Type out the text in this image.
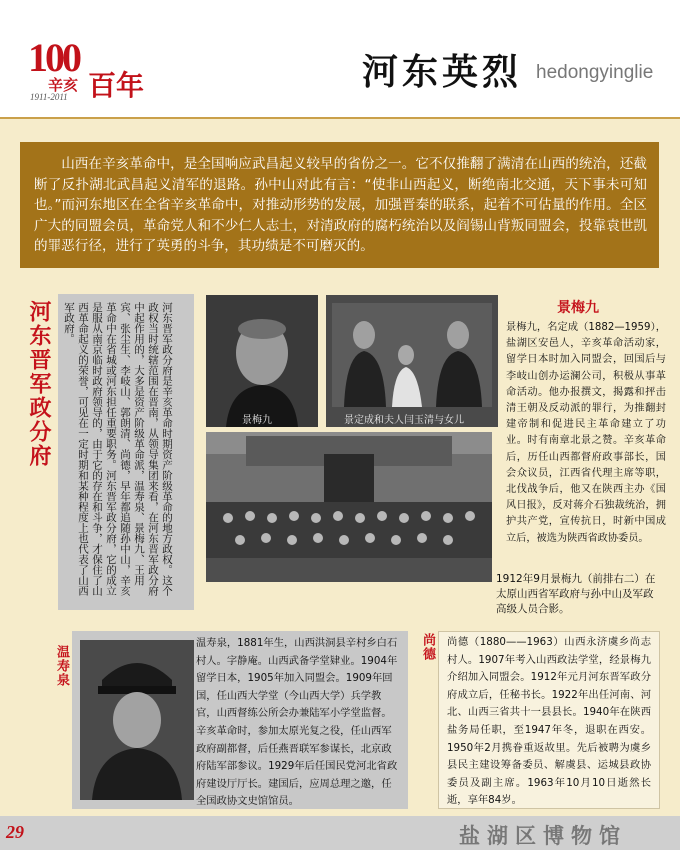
100
辛亥 百年
1911-2011
河东英烈 hedongyinglie
山西在辛亥革命中，是全国响应武昌起义较早的省份之一。它不仅推翻了满清在山西的统治，还截断了反扑湖北武昌起义清军的退路。孙中山对此有言：“使非山西起义，断绝南北交通，天下事未可知也。”而河东地区在全省辛亥革命中，对推动形势的发展，加强晋秦的联系，起着不可估量的作用。全区广大的同盟会员，革命党人和不少仁人志士，对清政府的腐朽统治以及阎锡山背叛同盟会，投靠袁世凯的罪恶行径，进行了英勇的斗争，其功绩是不可磨灭的。
河东晋军政分府	河东晋军政分府是辛亥革命时期资产阶级革命的地方政权。这个政权当时统辖范围在晋南，从领导集团来看，在河东晋军政分府中起作用的，大多是资产阶级革命派，温寿泉、景梅九、王用宾、张尘生、李岐山、郭朗清、尚德，早年都追随孙中山，辛亥革命中在省城或河东担任重要职务。河东晋军政分府，它的成立是服从南京临时政府领导的，由于它的存在和斗争，才保住了山西革命起义的荣誉，可见在一定时期和某种程度上也代表了山西军政府。
景梅九	景定成和夫人闫玉清与女儿
景梅九
景梅九，名定成（1882—1959），盐湖区安邑人，辛亥革命活动家，留学日本时加入同盟会，回国后与李岐山创办运澜公司，积极从事革命活动。他办报撰文，揭露和抨击清王朝及反动派的罪行，为推翻封建帝制和促进民主革命建立了功业。时有南章北景之赞。辛亥革命后，历任山西都督府政事部长，国会众议员，江西省代理主席等职，北伐战争后，他又在陕西主办《国风日报》，反对蒋介石独裁统治，拥护共产党，宣传抗日，时新中国成立后，被选为陕西省政协委员。
1912年9月景梅九（前排右二）在太原山西省军政府与孙中山及军政高级人员合影。
温寿泉
温寿泉，1881年生，山西洪洞县辛村乡白石村人。字静庵。山西武备学堂肄业。1904年留学日本，1905年加入同盟会。1909年回国，任山西大学堂（今山西大学）兵学教官，山西督练公所会办兼陆军小学堂监督。辛亥革命时，参加太原光复之役，任山西军政府副都督，后任燕晋联军参谋长，北京政府陆军部参议。1929年后任国民党河北省政府建设厅厅长。建国后，应周总理之邀，任全国政协文史馆馆员。
尚德 尚德（1880——1963）山西永济虞乡尚志村人。1907年考入山西政法学堂，经景梅九介绍加入同盟会。1912年元月河东晋军政分府成立后，任秘书长。1922年出任河南、河北、山西三省共十一县县长。1940年在陕西盐务局任职，至1947年冬，退职在西安。1950年2月携眷重返故里。先后被聘为虞乡县民主建设筹备委员、解虞县、运城县政协委员及副主席。1963年10月10日逝然长逝，享年84岁。
29	盐湖区博物馆
